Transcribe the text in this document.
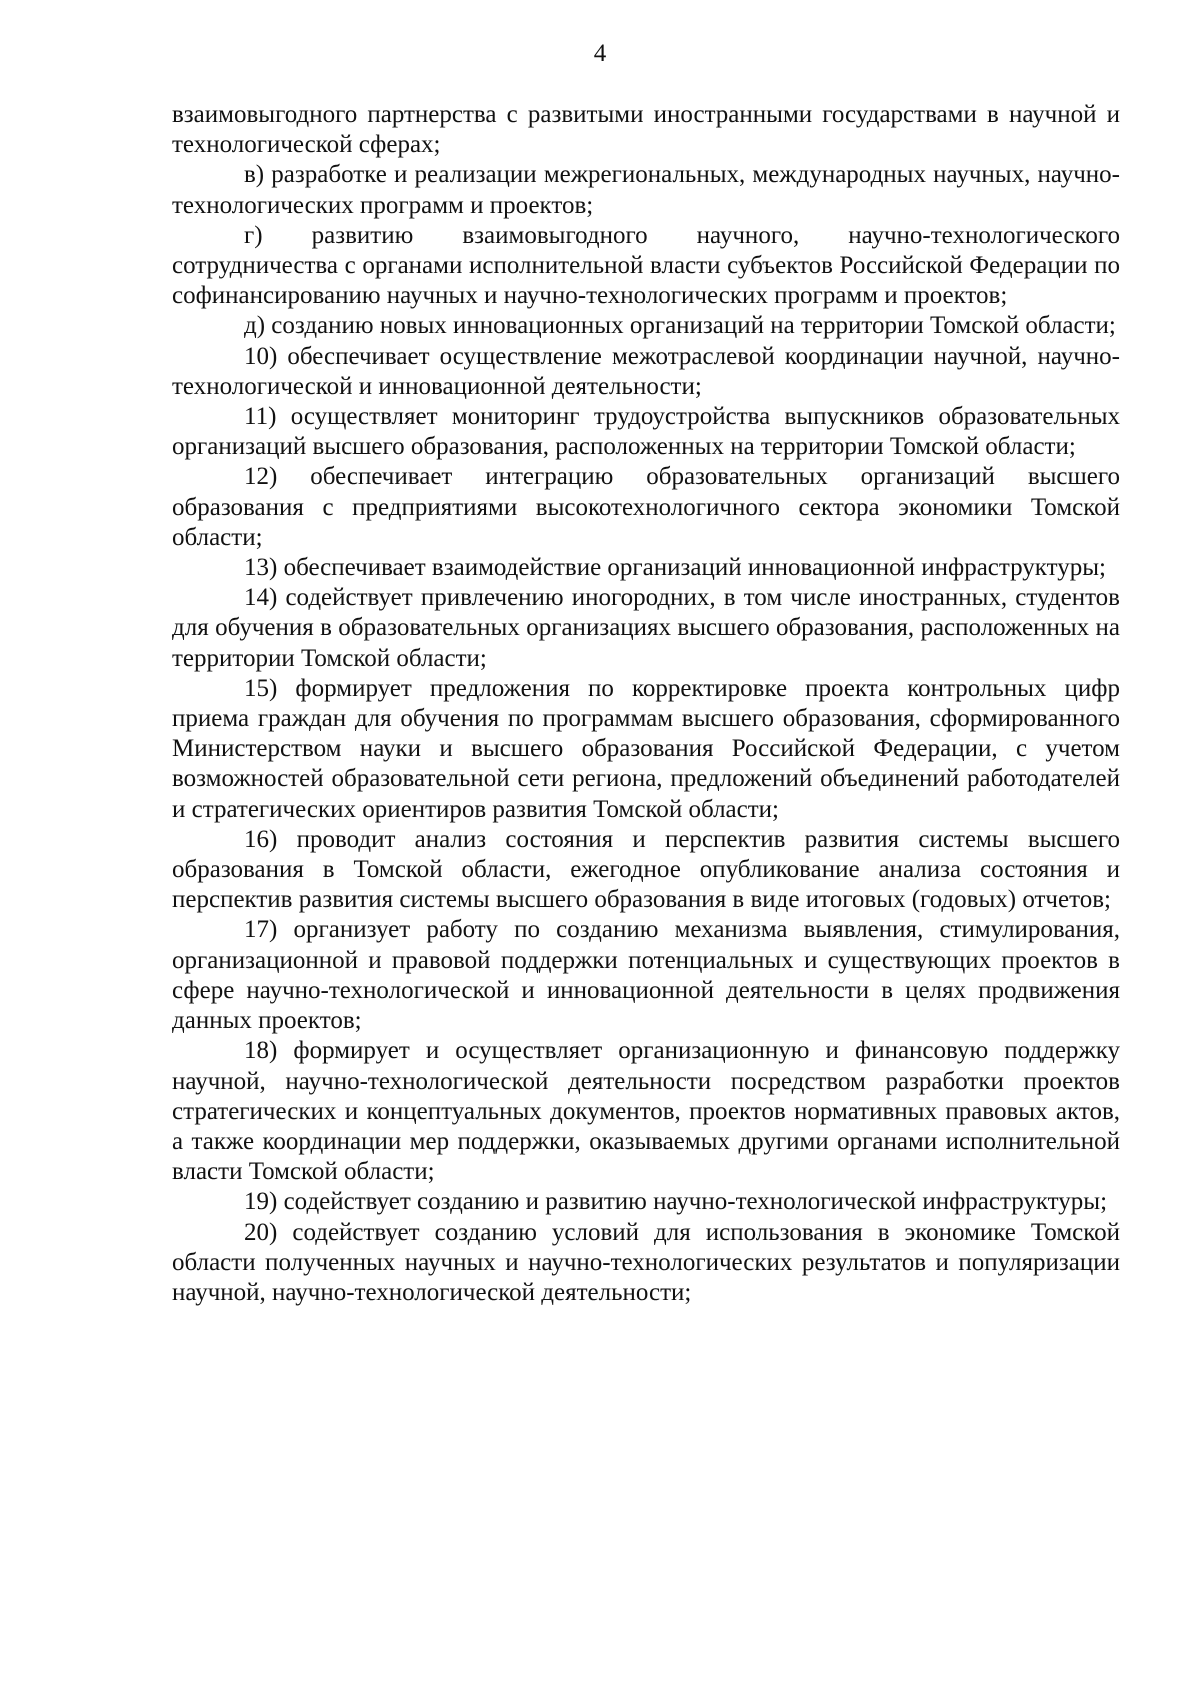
4

взаимовыгодного партнерства с развитыми иностранными государствами в научной и технологической сферах;

в) разработке и реализации межрегиональных, международных научных, научно-технологических программ и проектов;

г) развитию взаимовыгодного научного, научно-технологического сотрудничества с органами исполнительной власти субъектов Российской Федерации по софинансированию научных и научно-технологических программ и проектов;

д) созданию новых инновационных организаций на территории Томской области;

10) обеспечивает осуществление межотраслевой координации научной, научно-технологической и инновационной деятельности;

11) осуществляет мониторинг трудоустройства выпускников образовательных организаций высшего образования, расположенных на территории Томской области;

12) обеспечивает интеграцию образовательных организаций высшего образования с предприятиями высокотехнологичного сектора экономики Томской области;

13) обеспечивает взаимодействие организаций инновационной инфраструктуры;

14) содействует привлечению иногородних, в том числе иностранных, студентов для обучения в образовательных организациях высшего образования, расположенных на территории Томской области;

15) формирует предложения по корректировке проекта контрольных цифр приема граждан для обучения по программам высшего образования, сформированного Министерством науки и высшего образования Российской Федерации, с учетом возможностей образовательной сети региона, предложений объединений работодателей и стратегических ориентиров развития Томской области;

16) проводит анализ состояния и перспектив развития системы высшего образования в Томской области, ежегодное опубликование анализа состояния и перспектив развития системы высшего образования в виде итоговых (годовых) отчетов;

17) организует работу по созданию механизма выявления, стимулирования, организационной и правовой поддержки потенциальных и существующих проектов в сфере научно-технологической и инновационной деятельности в целях продвижения данных проектов;

18) формирует и осуществляет организационную и финансовую поддержку научной, научно-технологической деятельности посредством разработки проектов стратегических и концептуальных документов, проектов нормативных правовых актов, а также координации мер поддержки, оказываемых другими органами исполнительной власти Томской области;

19) содействует созданию и развитию научно-технологической инфраструктуры;

20) содействует созданию условий для использования в экономике Томской области полученных научных и научно-технологических результатов и популяризации научной, научно-технологической деятельности;
